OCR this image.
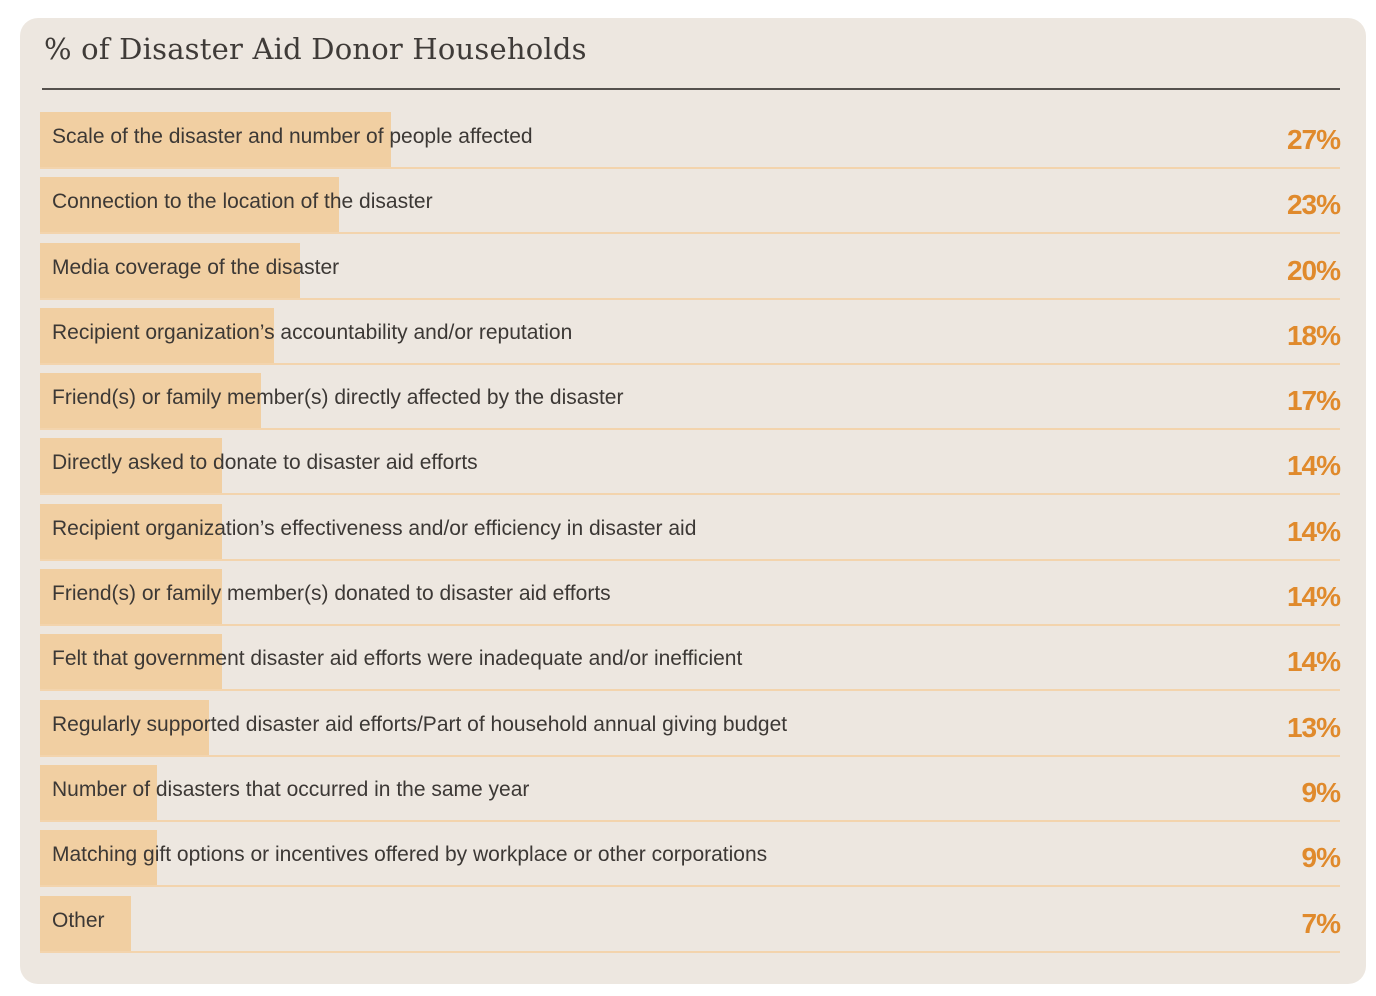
% of Disaster Aid Donor Households
Scale of the disaster and number of people affected	27%
Connection to the location of the disaster	23%
Media coverage of the disaster	20%
Recipient organization’s accountability and/or reputation	18%
Friend(s) or family member(s) directly affected by the disaster	17%
Directly asked to donate to disaster aid efforts	14%
Recipient organization’s effectiveness and/or efficiency in disaster aid	14%
Friend(s) or family member(s) donated to disaster aid efforts	14%
Felt that government disaster aid efforts were inadequate and/or inefficient	14%
Regularly supported disaster aid efforts/Part of household annual giving budget	13%
Number of disasters that occurred in the same year	9%
Matching gift options or incentives offered by workplace or other corporations	9%
Other	7%
